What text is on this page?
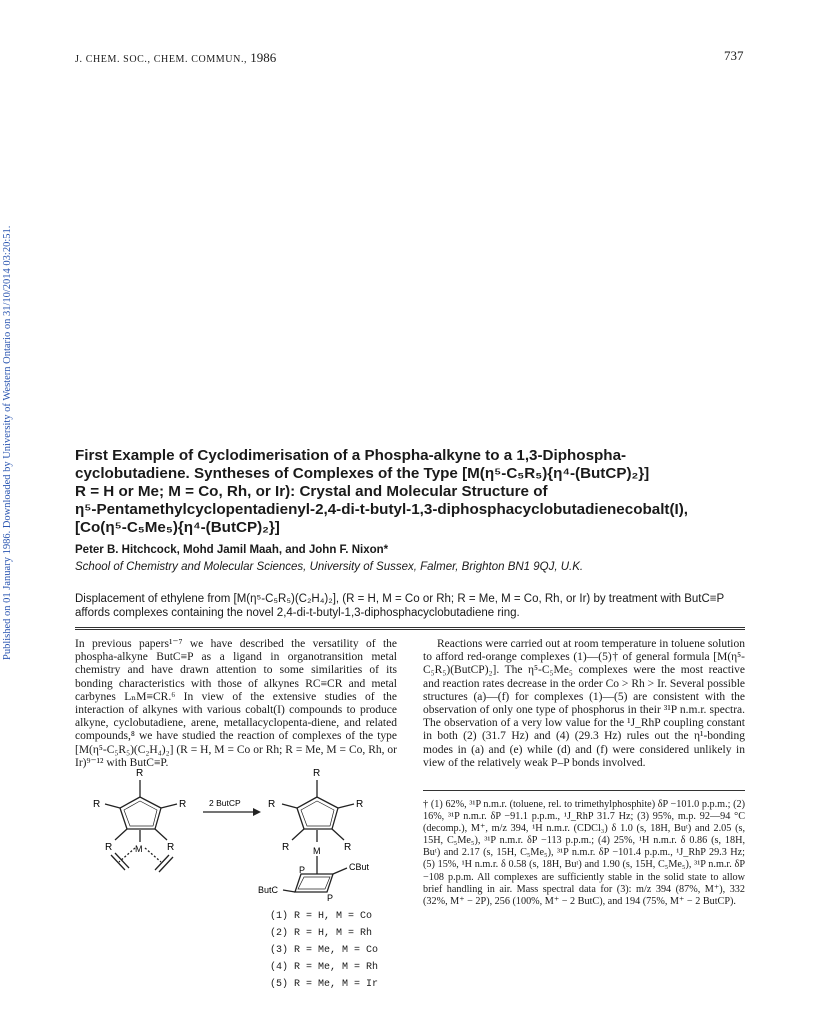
Published on 01 January 1986. Downloaded by University of Western Ontario on 31/10/2014 03:20:51.
J. CHEM. SOC., CHEM. COMMUN., 1986	737
First Example of Cyclodimerisation of a Phospha-alkyne to a 1,3-Diphospha-
cyclobutadiene. Syntheses of Complexes of the Type [M(η⁵-C₅R₅){η⁴-(ButCP)₂}]
R = H or Me; M = Co, Rh, or Ir): Crystal and Molecular Structure of
η⁵-Pentamethylcyclopentadienyl-2,4-di-t-butyl-1,3-diphosphacyclobutadienecobalt(I),
[Co(η⁵-C₅Me₅){η⁴-(ButCP)₂}]
Peter B. Hitchcock, Mohd Jamil Maah, and John F. Nixon*
School of Chemistry and Molecular Sciences, University of Sussex, Falmer, Brighton BN1 9QJ, U.K.
Displacement of ethylene from [M(η⁵-C₅R₅)(C₂H₄)₂], (R = H, M = Co or Rh; R = Me, M = Co, Rh, or Ir) by treatment with ButC≡P affords complexes containing the novel 2,4-di-t-butyl-1,3-diphosphacyclobutadiene ring.
In previous papers¹⁻⁷ we have described the versatility of the phospha-alkyne ButC≡P as a ligand in organotransition metal chemistry and have drawn attention to some similarities of its bonding characteristics with those of alkynes RC≡CR and metal carbynes LₙM≡CR.⁶ In view of the extensive studies of the interaction of alkynes with various cobalt(I) compounds to produce alkyne, cyclobutadiene, arene, metallacyclopenta-diene, and related compounds,⁸ we have studied the reaction of complexes of the type [M(η⁵-C₅R₅)(C₂H₄)₂] (R = H, M = Co or Rh; R = Me, M = Co, Rh, or Ir)⁹⁻¹² with ButC≡P.
Reactions were carried out at room temperature in toluene solution to afford red-orange complexes (1)—(5)† of general formula [M(η⁵-C₅R₅)(ButCP)₂]. The η⁵-C₅Me₅ complexes were the most reactive and reaction rates decrease in the order Co > Rh > Ir. Several possible structures (a)—(f) for complexes (1)—(5) are consistent with the observation of only one type of phosphorus in their ³¹P n.m.r. spectra. The observation of a very low value for the ¹J_RhP coupling constant in both (2) (31.7 Hz) and (4) (29.3 Hz) rules out the η¹-bonding modes in (a) and (e) while (d) and (f) were considered unlikely in view of the relatively weak P–P bonds involved.
† (1) 62%, ³¹P n.m.r. (toluene, rel. to trimethylphosphite) δP −101.0 p.p.m.; (2) 16%, ³¹P n.m.r. δP −91.1 p.p.m., ¹J_RhP 31.7 Hz; (3) 95%, m.p. 92—94 °C (decomp.), M⁺, m/z 394, ¹H n.m.r. (CDCl₃) δ 1.0 (s, 18H, Buᵗ) and 2.05 (s, 15H, C₅Me₅), ³¹P n.m.r. δP −113 p.p.m.; (4) 25%, ¹H n.m.r. δ 0.86 (s, 18H, Buᵗ) and 2.17 (s, 15H, C₅Me₅), ³¹P n.m.r. δP −101.4 p.p.m., ¹J_RhP 29.3 Hz; (5) 15%, ¹H n.m.r. δ 0.58 (s, 18H, Buᵗ) and 1.90 (s, 15H, C₅Me₅), ³¹P n.m.r. δP −108 p.p.m. All complexes are sufficiently stable in the solid state to allow brief handling in air. Mass spectral data for (3): m/z 394 (87%, M⁺), 332 (32%, M⁺ − 2P), 256 (100%, M⁺ − 2 ButC), and 194 (75%, M⁺ − 2 ButCP).
R
R
R
R	R
M
2 ButCP
R
R
R
R	R
M
P
P
CBut
ButC
(1) R = H, M = Co
(2) R = H, M = Rh
(3) R = Me, M = Co
(4) R = Me, M = Rh
(5) R = Me, M = Ir
